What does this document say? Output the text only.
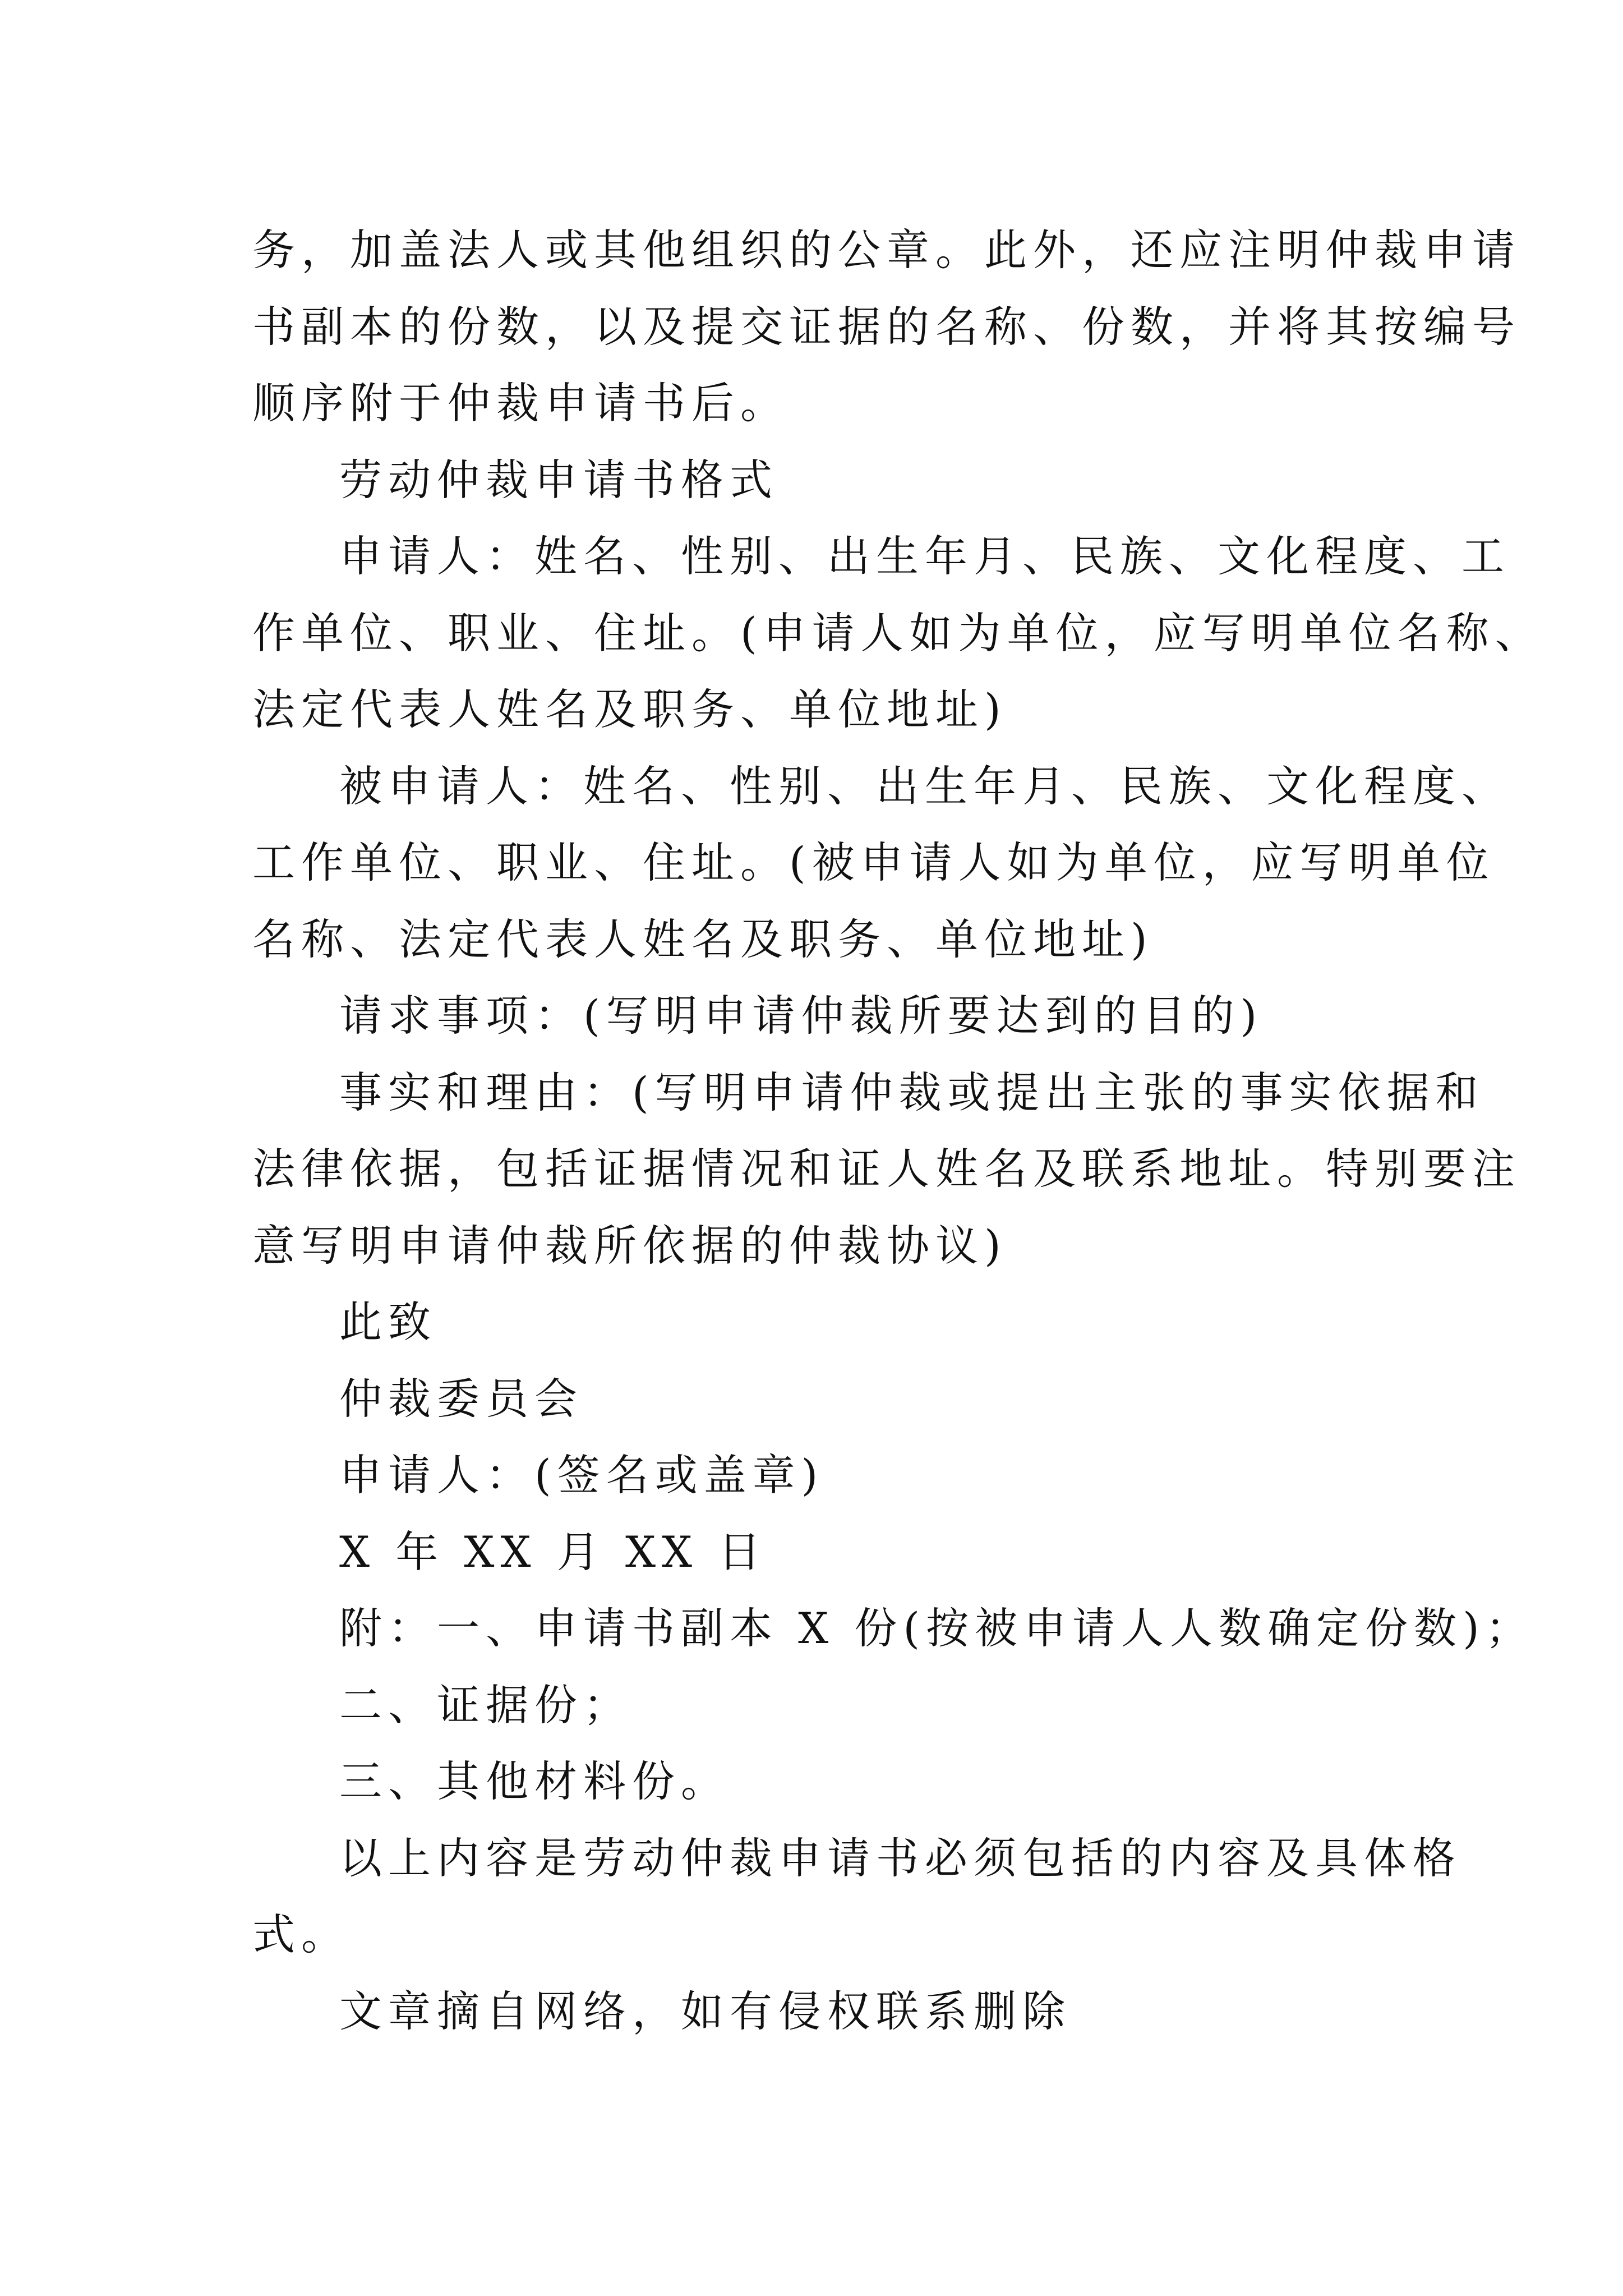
务，加盖法人或其他组织的公章。此外，还应注明仲裁申请
书副本的份数，以及提交证据的名称、份数，并将其按编号
顺序附于仲裁申请书后。
劳动仲裁申请书格式
申请人：姓名、性别、出生年月、民族、文化程度、工
作单位、职业、住址。(申请人如为单位，应写明单位名称、
法定代表人姓名及职务、单位地址)
被申请人：姓名、性别、出生年月、民族、文化程度、
工作单位、职业、住址。(被申请人如为单位，应写明单位
名称、法定代表人姓名及职务、单位地址)
请求事项：(写明申请仲裁所要达到的目的)
事实和理由：(写明申请仲裁或提出主张的事实依据和
法律依据，包括证据情况和证人姓名及联系地址。特别要注
意写明申请仲裁所依据的仲裁协议)
此致
仲裁委员会
申请人：(签名或盖章)
X 年 XX 月 XX 日
附：一、申请书副本 X 份(按被申请人人数确定份数)；
二、证据份；
三、其他材料份。
以上内容是劳动仲裁申请书必须包括的内容及具体格
式。
文章摘自网络，如有侵权联系删除
